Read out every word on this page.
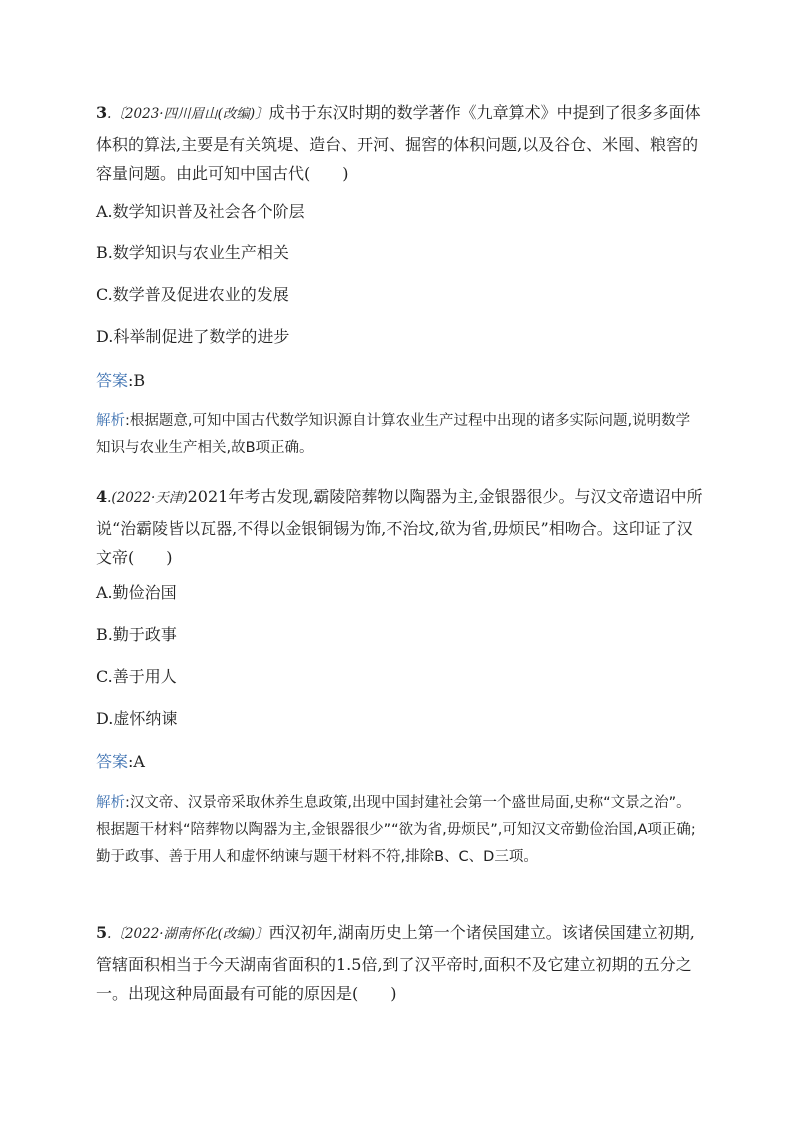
3.〔2023·四川眉山(改编)〕成书于东汉时期的数学著作《九章算术》中提到了很多多面体体积的算法,主要是有关筑堤、造台、开河、掘窖的体积问题,以及谷仓、米囤、粮窖的容量问题。由此可知中国古代(　　)
A.数学知识普及社会各个阶层
B.数学知识与农业生产相关
C.数学普及促进农业的发展
D.科举制促进了数学的进步
答案:B
解析:根据题意,可知中国古代数学知识源自计算农业生产过程中出现的诸多实际问题,说明数学知识与农业生产相关,故B项正确。
4.(2022·天津)2021年考古发现,霸陵陪葬物以陶器为主,金银器很少。与汉文帝遗诏中所说“治霸陵皆以瓦器,不得以金银铜锡为饰,不治坟,欲为省,毋烦民”相吻合。这印证了汉文帝(　　)
A.勤俭治国
B.勤于政事
C.善于用人
D.虚怀纳谏
答案:A
解析:汉文帝、汉景帝采取休养生息政策,出现中国封建社会第一个盛世局面,史称“文景之治”。根据题干材料“陪葬物以陶器为主,金银器很少”“欲为省,毋烦民”,可知汉文帝勤俭治国,A项正确;勤于政事、善于用人和虚怀纳谏与题干材料不符,排除B、C、D三项。
5.〔2022·湖南怀化(改编)〕西汉初年,湖南历史上第一个诸侯国建立。该诸侯国建立初期,管辖面积相当于今天湖南省面积的1.5倍,到了汉平帝时,面积不及它建立初期的五分之一。出现这种局面最有可能的原因是(　　)
